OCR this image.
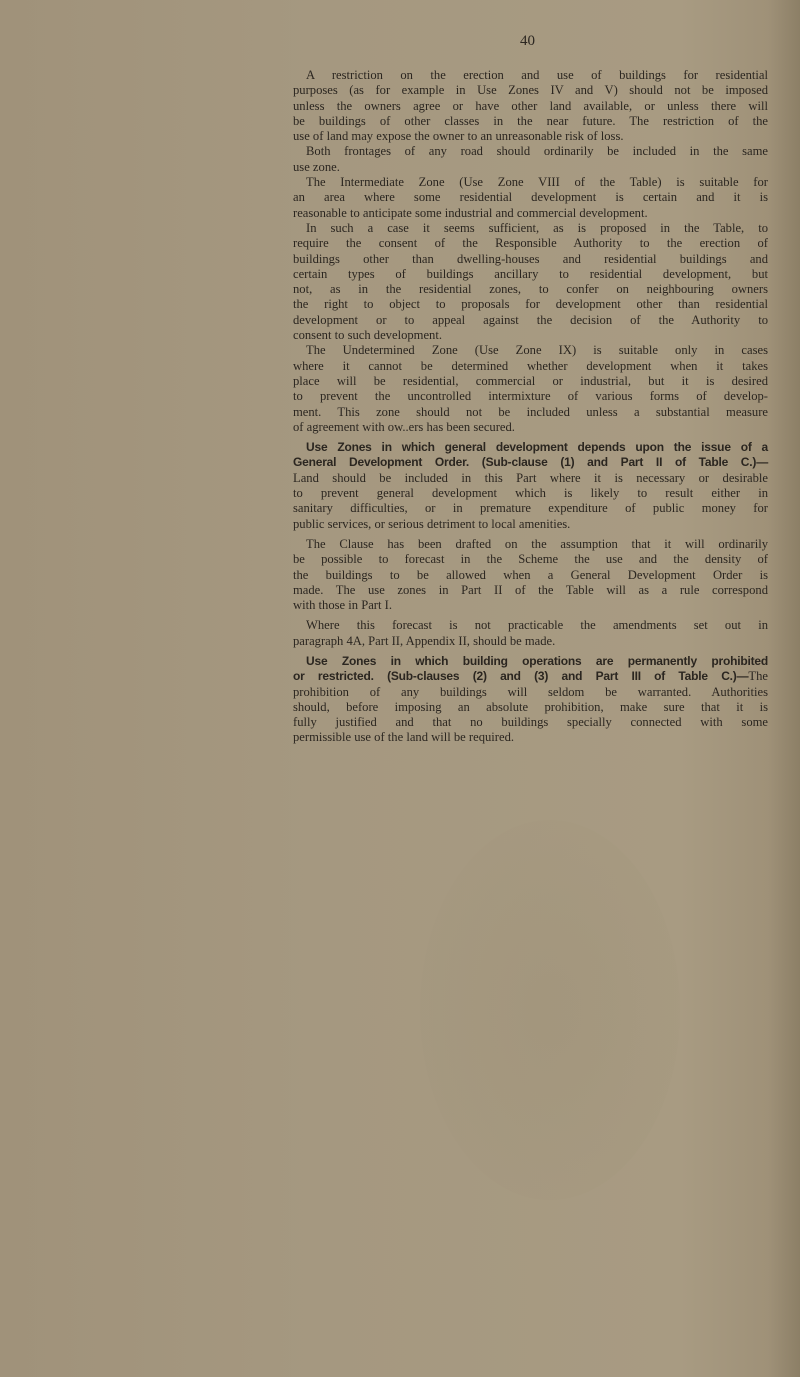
40
A restriction on the erection and use of buildings for residential
purposes (as for example in Use Zones IV and V) should not be imposed
unless the owners agree or have other land available, or unless there will
be buildings of other classes in the near future. The restriction of the
use of land may expose the owner to an unreasonable risk of loss.
Both frontages of any road should ordinarily be included in the same
use zone.
The Intermediate Zone (Use Zone VIII of the Table) is suitable for
an area where some residential development is certain and it is
reasonable to anticipate some industrial and commercial development.
In such a case it seems sufficient, as is proposed in the Table, to
require the consent of the Responsible Authority to the erection of
buildings other than dwelling-houses and residential buildings and
certain types of buildings ancillary to residential development, but
not, as in the residential zones, to confer on neighbouring owners
the right to object to proposals for development other than residential
development or to appeal against the decision of the Authority to
consent to such development.
The Undetermined Zone (Use Zone IX) is suitable only in cases
where it cannot be determined whether development when it takes
place will be residential, commercial or industrial, but it is desired
to prevent the uncontrolled intermixture of various forms of develop-
ment. This zone should not be included unless a substantial measure
of agreement with ow..ers has been secured.
Use Zones in which general development depends upon the issue of a
General Development Order. (Sub-clause (1) and Part II of Table C.)—
Land should be included in this Part where it is necessary or desirable
to prevent general development which is likely to result either in
sanitary difficulties, or in premature expenditure of public money for
public services, or serious detriment to local amenities.
The Clause has been drafted on the assumption that it will ordinarily
be possible to forecast in the Scheme the use and the density of
the buildings to be allowed when a General Development Order is
made. The use zones in Part II of the Table will as a rule correspond
with those in Part I.
Where this forecast is not practicable the amendments set out in
paragraph 4A, Part II, Appendix II, should be made.
Use Zones in which building operations are permanently prohibited
or restricted. (Sub-clauses (2) and (3) and Part III of Table C.)—The
prohibition of any buildings will seldom be warranted. Authorities
should, before imposing an absolute prohibition, make sure that it is
fully justified and that no buildings specially connected with some
permissible use of the land will be required.
